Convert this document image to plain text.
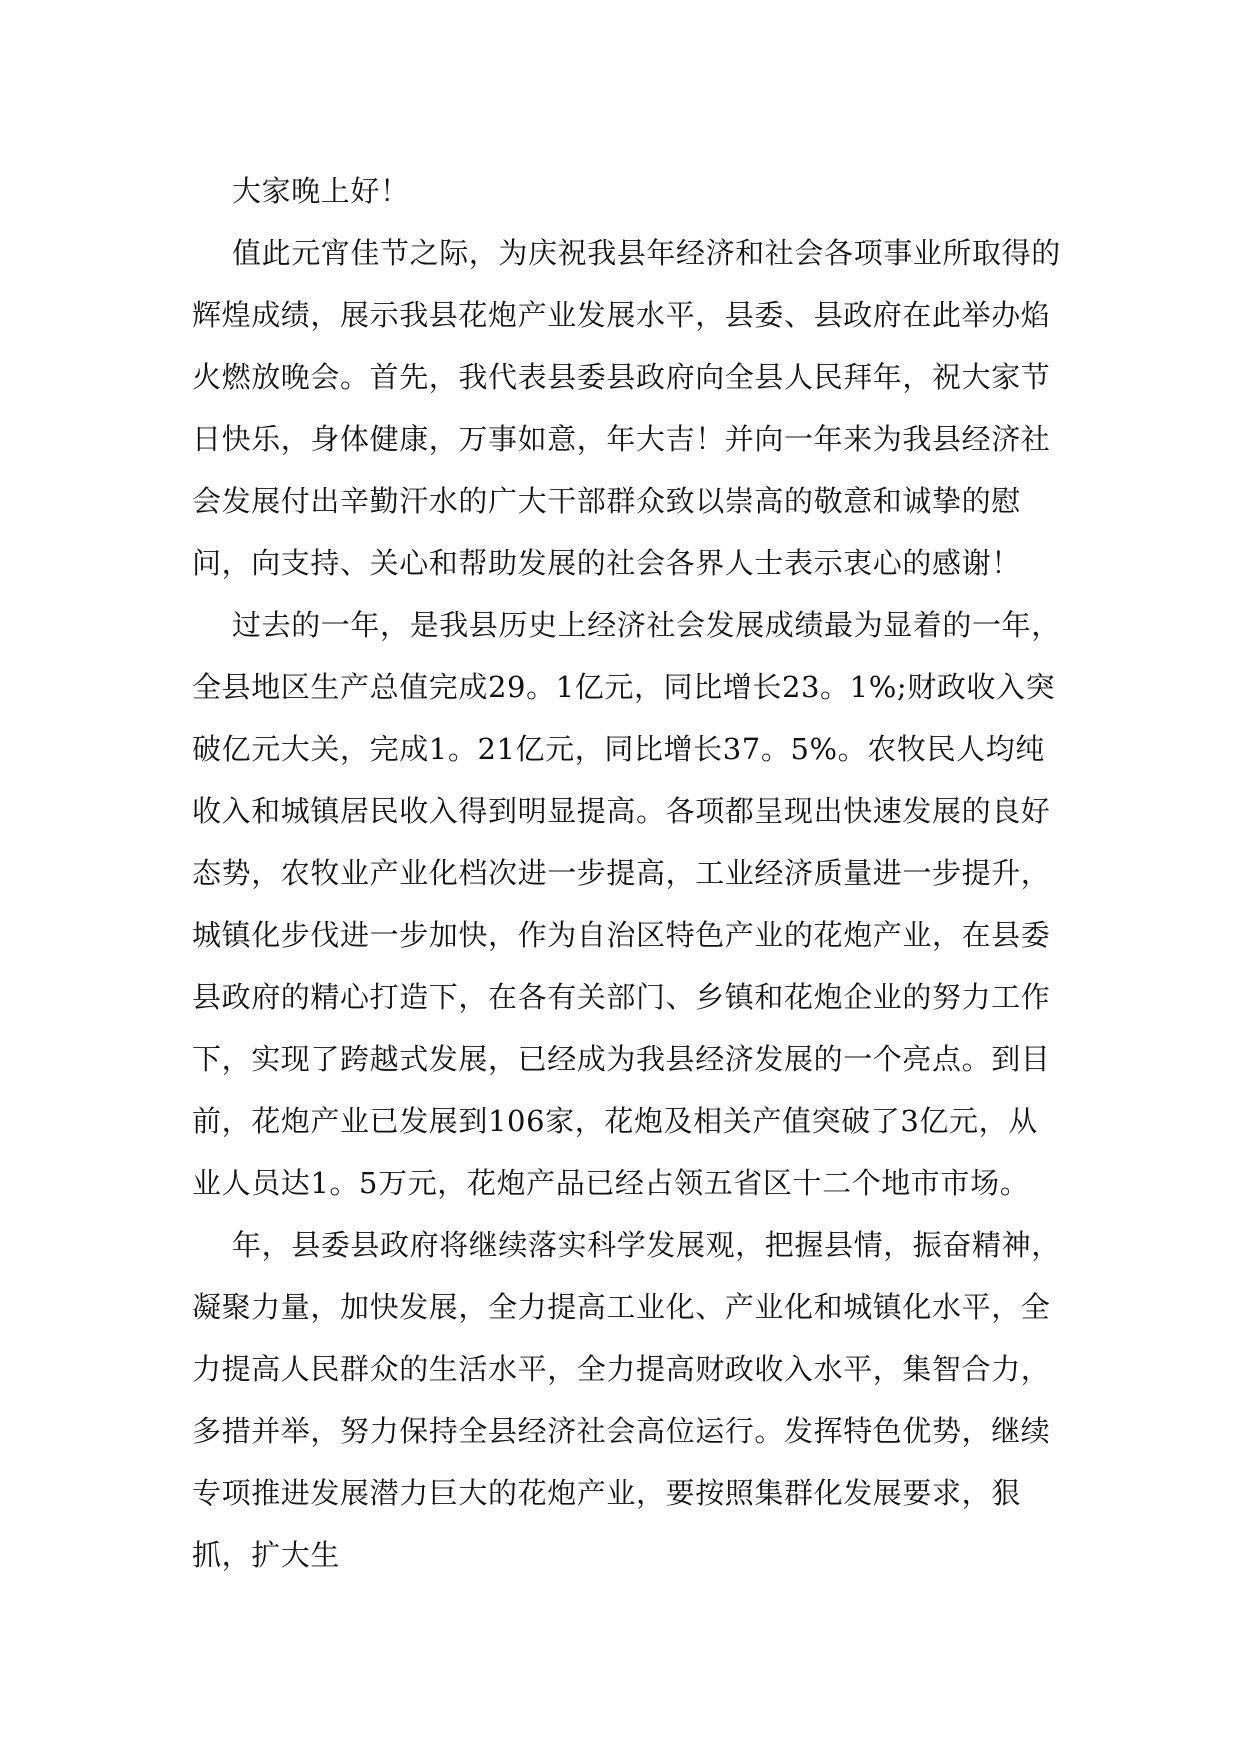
大家晚上好！

值此元宵佳节之际，为庆祝我县年经济和社会各项事业所取得的辉煌成绩，展示我县花炮产业发展水平，县委、县政府在此举办焰火燃放晚会。首先，我代表县委县政府向全县人民拜年，祝大家节日快乐，身体健康，万事如意，年大吉！并向一年来为我县经济社会发展付出辛勤汗水的广大干部群众致以崇高的敬意和诚挚的慰问，向支持、关心和帮助发展的社会各界人士表示衷心的感谢！

过去的一年，是我县历史上经济社会发展成绩最为显着的一年，全县地区生产总值完成29。1亿元，同比增长23。1%;财政收入突破亿元大关，完成1。21亿元，同比增长37。5%。农牧民人均纯收入和城镇居民收入得到明显提高。各项都呈现出快速发展的良好态势，农牧业产业化档次进一步提高，工业经济质量进一步提升，城镇化步伐进一步加快，作为自治区特色产业的花炮产业，在县委县政府的精心打造下，在各有关部门、乡镇和花炮企业的努力工作下，实现了跨越式发展，已经成为我县经济发展的一个亮点。到目前，花炮产业已发展到106家，花炮及相关产值突破了3亿元，从业人员达1。5万元，花炮产品已经占领五省区十二个地市市场。

年，县委县政府将继续落实科学发展观，把握县情，振奋精神，凝聚力量，加快发展，全力提高工业化、产业化和城镇化水平，全力提高人民群众的生活水平，全力提高财政收入水平，集智合力，多措并举，努力保持全县经济社会高位运行。发挥特色优势，继续专项推进发展潜力巨大的花炮产业，要按照集群化发展要求，狠抓，扩大生
